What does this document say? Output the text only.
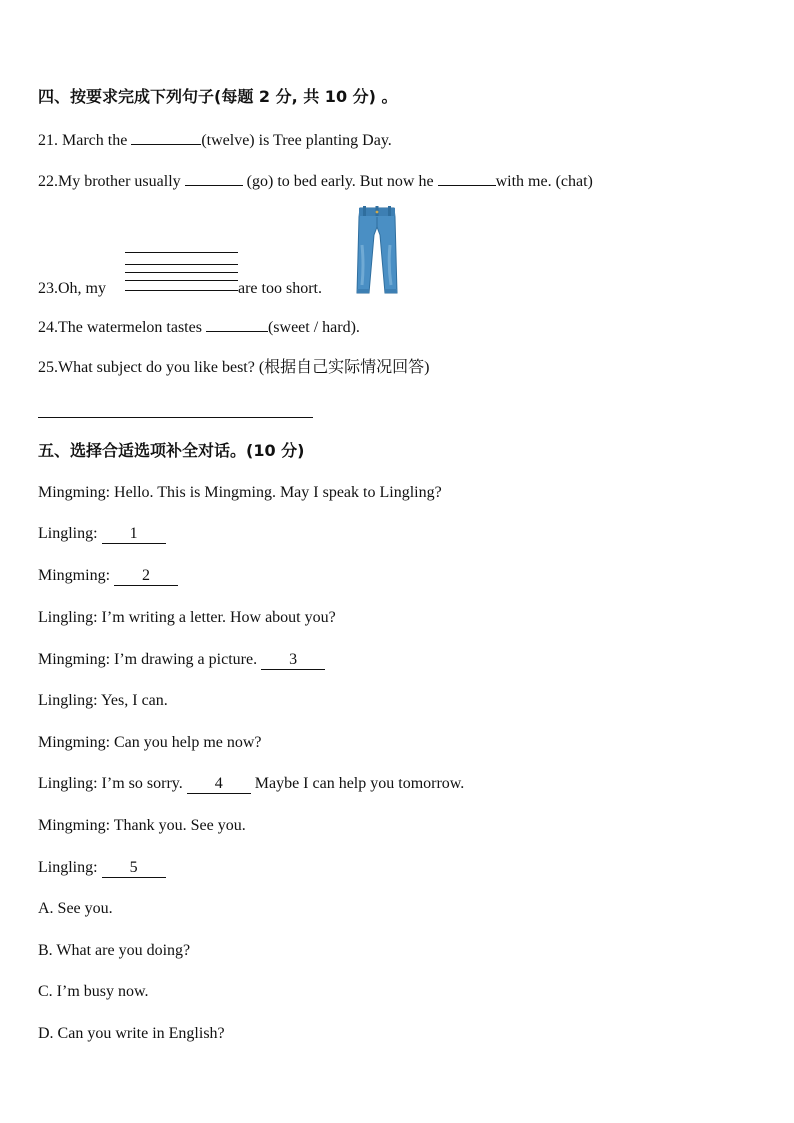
四、按要求完成下列句子(每题 2 分, 共 10 分) 。
21. March the	(twelve) is Tree planting Day.
22.My brother usually	(go) to bed early. But now he	with me. (chat)
23.Oh, my	are too short.
24.The watermelon tastes	(sweet / hard).
25.What subject do you like best? (根据自己实际情况回答)
五、选择合适选项补全对话。(10 分)
Mingming: Hello. This is Mingming. May I speak to Lingling?
Lingling: 1
Mingming: 2
Lingling: I’m writing a letter. How about you?
Mingming: I’m drawing a picture. 3
Lingling: Yes, I can.
Mingming: Can you help me now?
Lingling: I’m so sorry. 4 Maybe I can help you tomorrow.
Mingming: Thank you. See you.
Lingling: 5
A. See you.
B. What are you doing?
C. I’m busy now.
D. Can you write in English?
